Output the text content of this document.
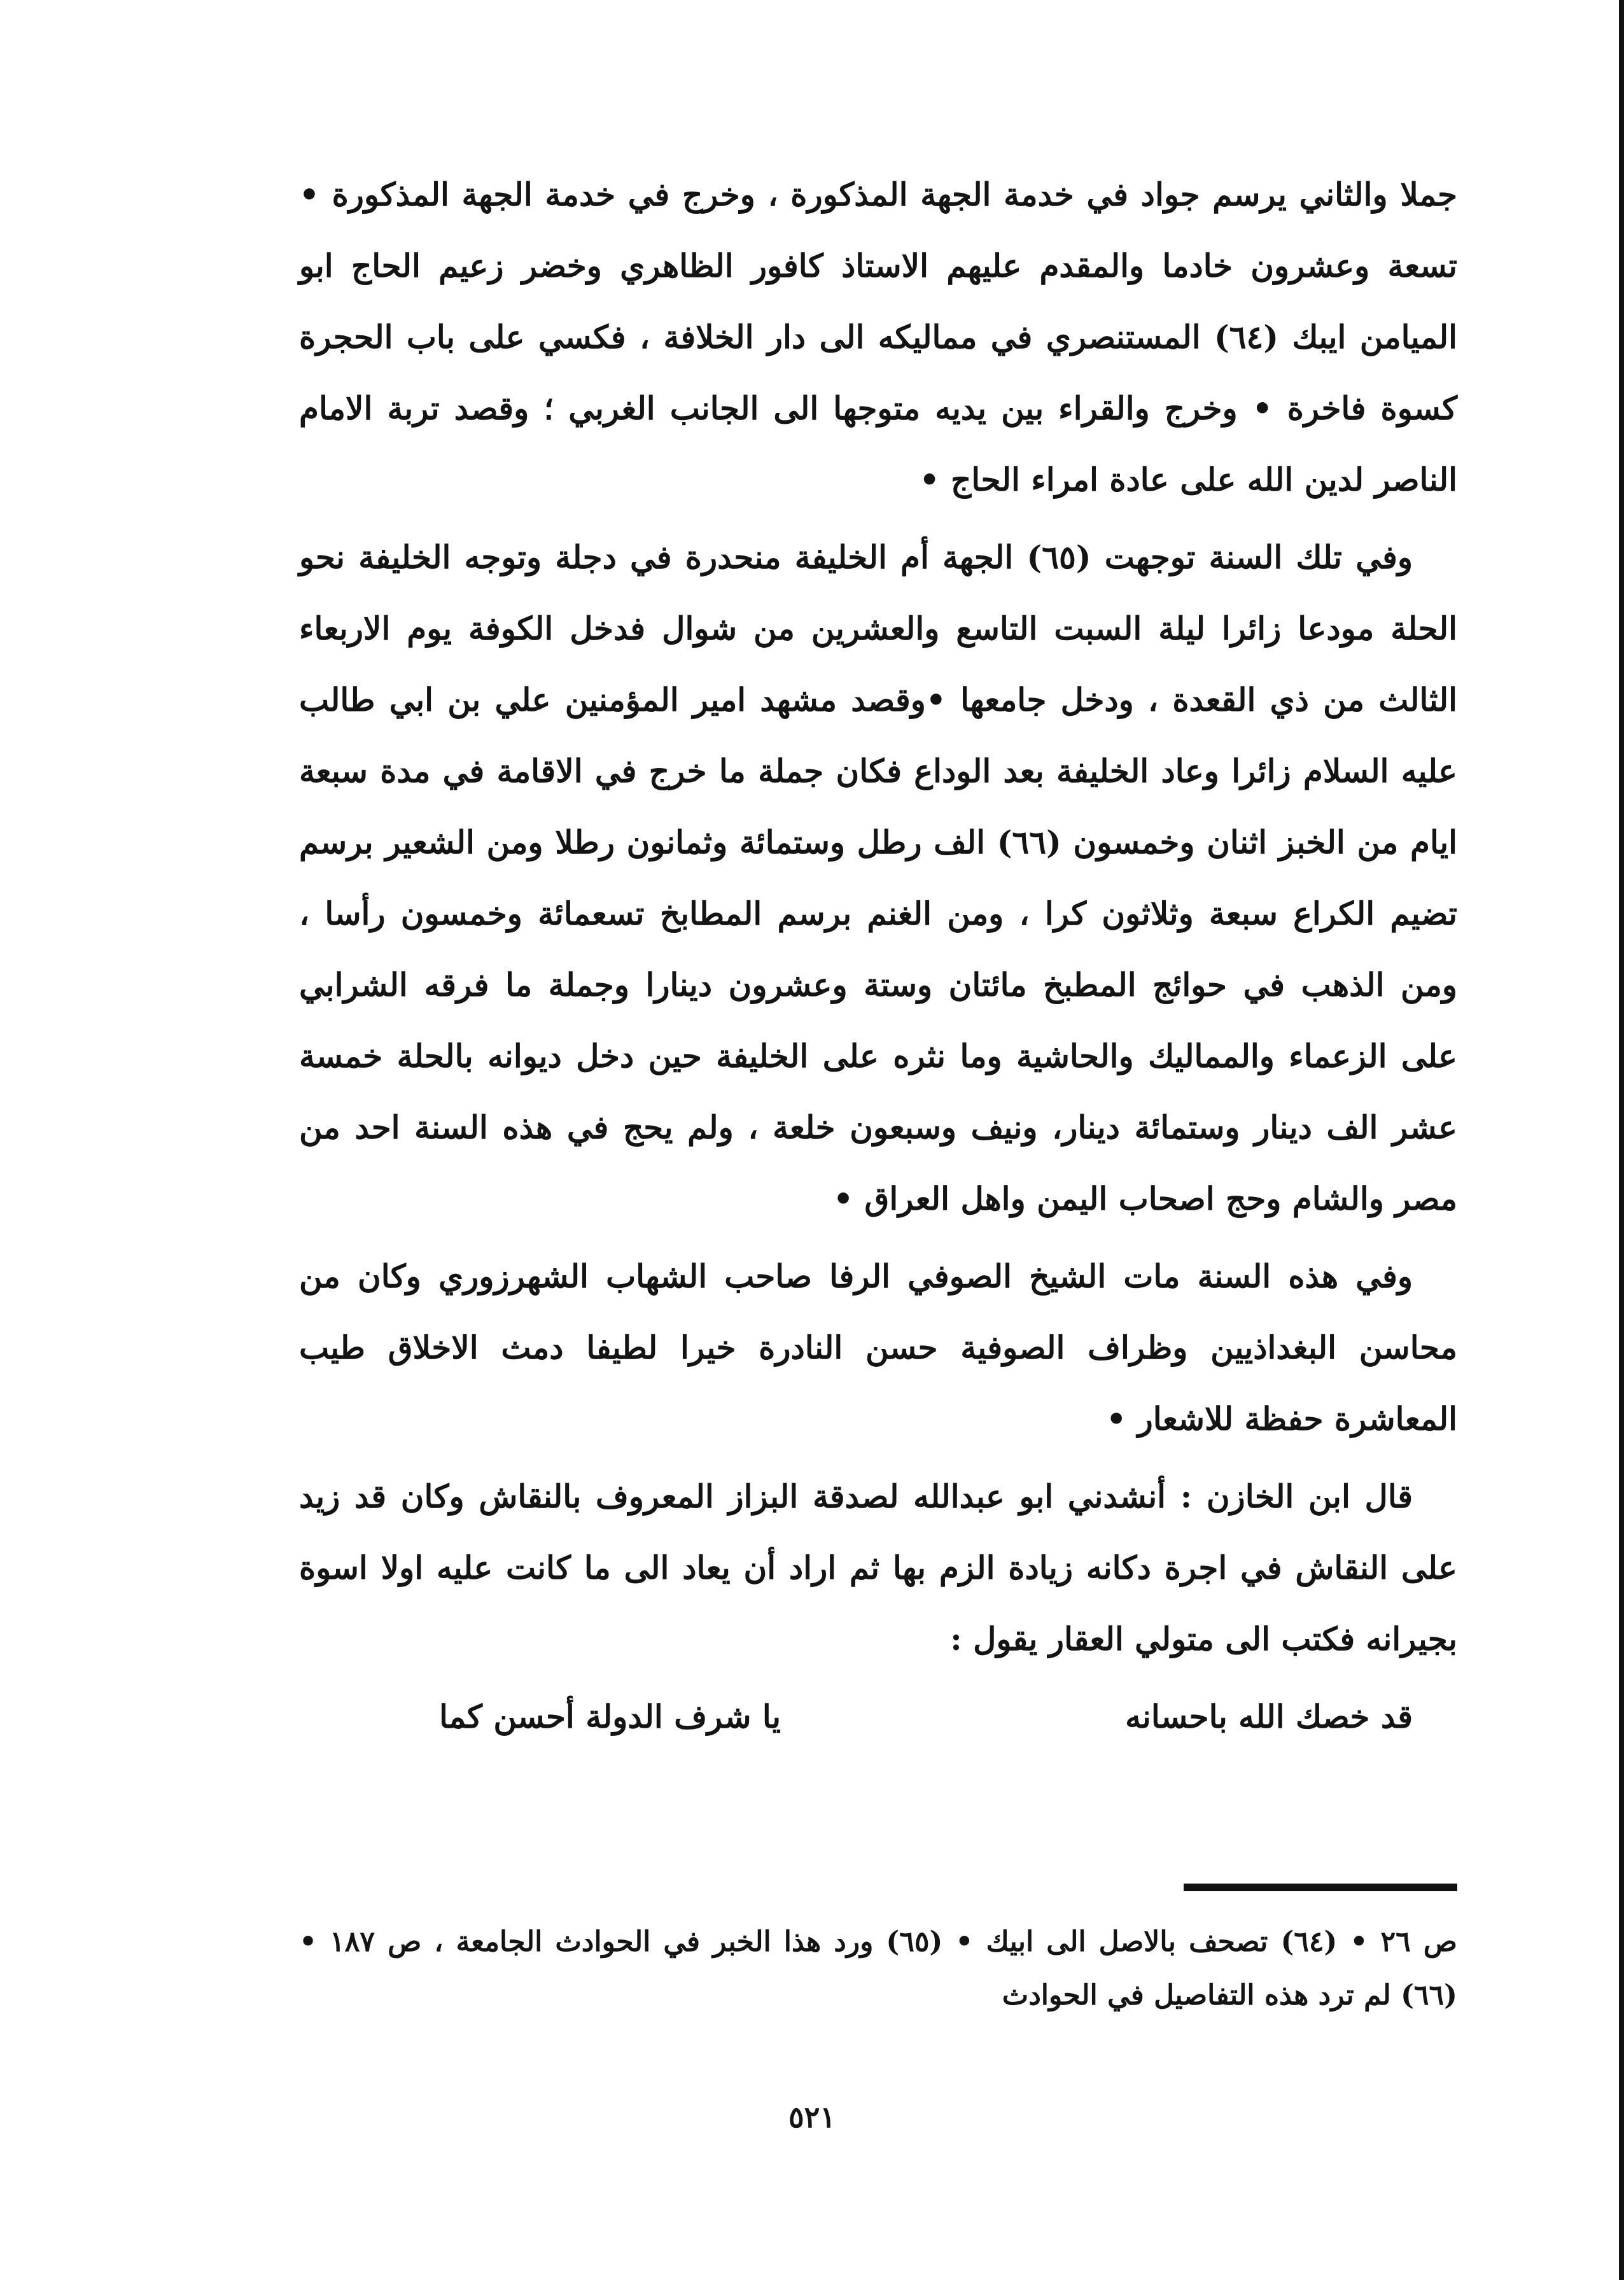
جملا والثاني يرسم جواد في خدمة الجهة المذكورة ، وخرج في خدمة الجهة المذكورة • تسعة وعشرون خادما والمقدم عليهم الاستاذ كافور الظاهري وخضر زعيم الحاج ابو الميامن ايبك (٦٤) المستنصري في مماليكه الى دار الخلافة ، فكسي على باب الحجرة كسوة فاخرة • وخرج والقراء بين يديه متوجها الى الجانب الغربي ؛ وقصد تربة الامام الناصر لدين الله على عادة امراء الحاج •

وفي تلك السنة توجهت (٦٥) الجهة أم الخليفة منحدرة في دجلة وتوجه الخليفة نحو الحلة مودعا زائرا ليلة السبت التاسع والعشرين من شوال فدخل الكوفة يوم الاربعاء الثالث من ذي القعدة ، ودخل جامعها •وقصد مشهد امير المؤمنين علي بن ابي طالب عليه السلام زائرا وعاد الخليفة بعد الوداع فكان جملة ما خرج في الاقامة في مدة سبعة ايام من الخبز اثنان وخمسون (٦٦) الف رطل وستمائة وثمانون رطلا ومن الشعير برسم تضيم الكراع سبعة وثلاثون كرا ، ومن الغنم برسم المطابخ تسعمائة وخمسون رأسا ، ومن الذهب في حوائج المطبخ مائتان وستة وعشرون دينارا وجملة ما فرقه الشرابي على الزعماء والمماليك والحاشية وما نثره على الخليفة حين دخل ديوانه بالحلة خمسة عشر الف دينار وستمائة دينار، ونيف وسبعون خلعة ، ولم يحج في هذه السنة احد من مصر والشام وحج اصحاب اليمن واهل العراق •

وفي هذه السنة مات الشيخ الصوفي الرفا صاحب الشهاب الشهرزوري وكان من محاسن البغداذيين وظراف الصوفية حسن النادرة خيرا لطيفا دمث الاخلاق طيب المعاشرة حفظة للاشعار •

قال ابن الخازن : أنشدني ابو عبدالله لصدقة البزاز المعروف بالنقاش وكان قد زيد على النقاش في اجرة دكانه زيادة الزم بها ثم اراد أن يعاد الى ما كانت عليه اولا اسوة بجيرانه فكتب الى متولي العقار يقول :

يا شرف الدولة أحسن كما	قد خصك الله باحسانه
ص ٢٦ • (٦٤) تصحف بالاصل الى ابيك • (٦٥) ورد هذا الخبر في الحوادث الجامعة ، ص ١٨٧ • (٦٦) لم ترد هذه التفاصيل في الحوادث
٥٢١
